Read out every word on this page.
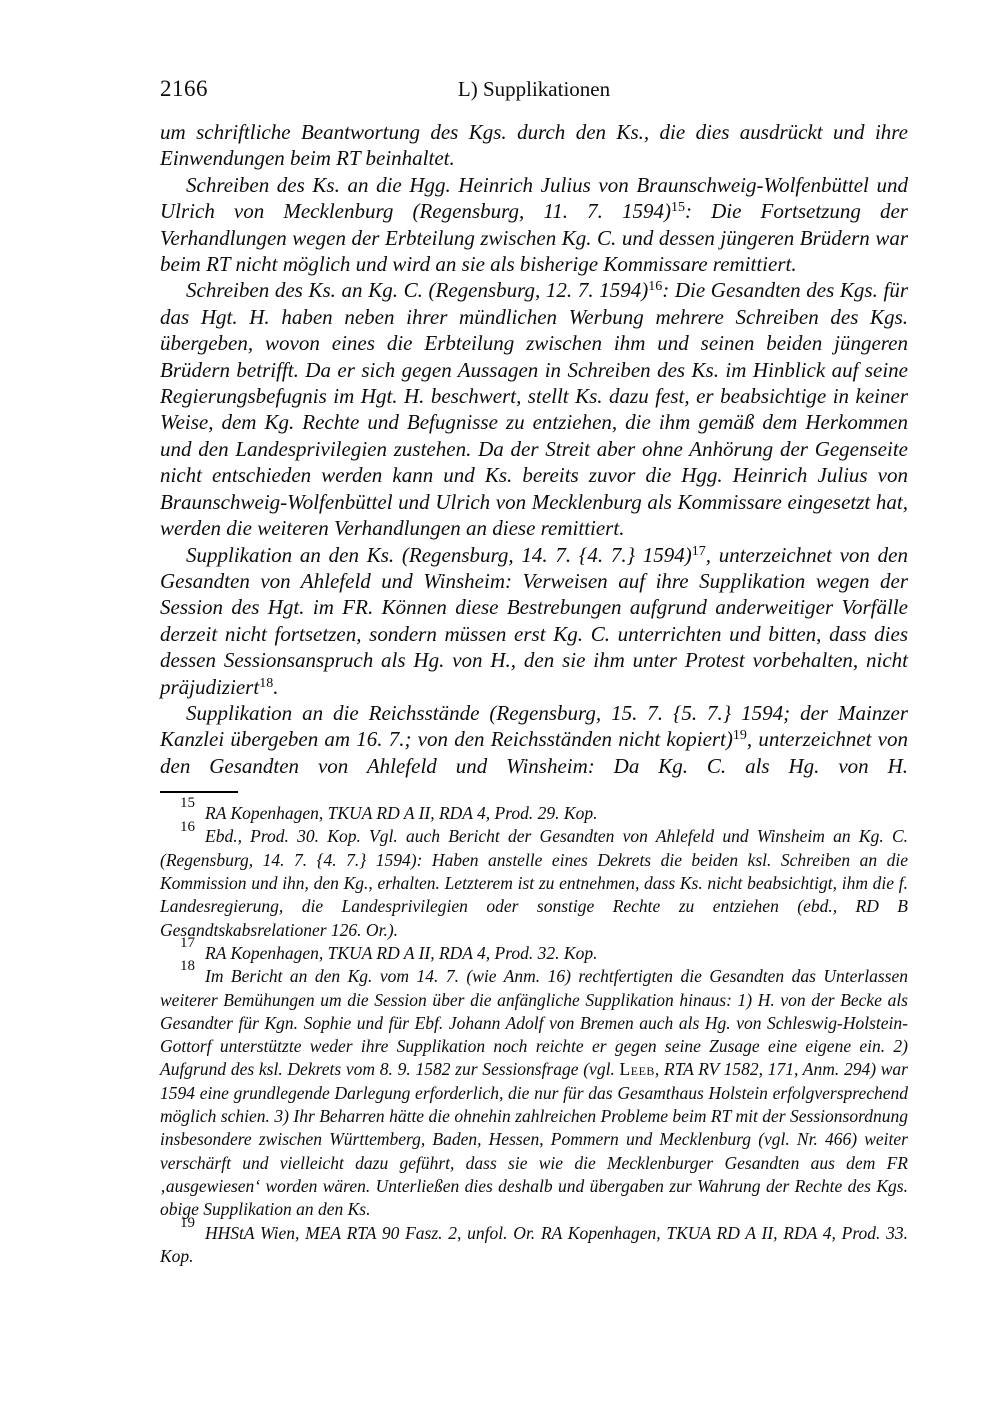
2166	L) Supplikationen

um schriftliche Beantwortung des Kgs. durch den Ks., die dies ausdrückt und ihre Einwendungen beim RT beinhaltet.

Schreiben des Ks. an die Hgg. Heinrich Julius von Braunschweig-Wolfenbüttel und Ulrich von Mecklenburg (Regensburg, 11. 7. 1594)$^{15}$: Die Fortsetzung der Verhandlungen wegen der Erbteilung zwischen Kg. C. und dessen jüngeren Brüdern war beim RT nicht möglich und wird an sie als bisherige Kommissare remittiert.

Schreiben des Ks. an Kg. C. (Regensburg, 12. 7. 1594)$^{16}$: Die Gesandten des Kgs. für das Hgt. H. haben neben ihrer mündlichen Werbung mehrere Schreiben des Kgs. übergeben, wovon eines die Erbteilung zwischen ihm und seinen beiden jüngeren Brüdern betrifft. Da er sich gegen Aussagen in Schreiben des Ks. im Hinblick auf seine Regierungsbefugnis im Hgt. H. beschwert, stellt Ks. dazu fest, er beabsichtige in keiner Weise, dem Kg. Rechte und Befugnisse zu entziehen, die ihm gemäß dem Herkommen und den Landesprivilegien zustehen. Da der Streit aber ohne Anhörung der Gegenseite nicht entschieden werden kann und Ks. bereits zuvor die Hgg. Heinrich Julius von Braunschweig-Wolfenbüttel und Ulrich von Mecklenburg als Kommissare eingesetzt hat, werden die weiteren Verhandlungen an diese remittiert.

Supplikation an den Ks. (Regensburg, 14. 7. {4. 7.} 1594)$^{17}$, unterzeichnet von den Gesandten von Ahlefeld und Winsheim: Verweisen auf ihre Supplikation wegen der Session des Hgt. im FR. Können diese Bestrebungen aufgrund anderweitiger Vorfälle derzeit nicht fortsetzen, sondern müssen erst Kg. C. unterrichten und bitten, dass dies dessen Sessionsanspruch als Hg. von H., den sie ihm unter Protest vorbehalten, nicht präjudiziert$^{18}$.

Supplikation an die Reichsstände (Regensburg, 15. 7. {5. 7.} 1594; der Mainzer Kanzlei übergeben am 16. 7.; von den Reichsständen nicht kopiert)$^{19}$, unterzeichnet von den Gesandten von Ahlefeld und Winsheim: Da Kg. C. als Hg. von H.

$^{15}$ RA Kopenhagen, TKUA RD A II, RDA 4, Prod. 29. Kop.

$^{16}$ Ebd., Prod. 30. Kop. Vgl. auch Bericht der Gesandten von Ahlefeld und Winsheim an Kg. C. (Regensburg, 14. 7. {4. 7.} 1594): Haben anstelle eines Dekrets die beiden ksl. Schreiben an die Kommission und ihn, den Kg., erhalten. Letzterem ist zu entnehmen, dass Ks. nicht beabsichtigt, ihm die f. Landesregierung, die Landesprivilegien oder sonstige Rechte zu entziehen (ebd., RD B Gesandtskabsrelationer 126. Or.).

$^{17}$ RA Kopenhagen, TKUA RD A II, RDA 4, Prod. 32. Kop.

$^{18}$ Im Bericht an den Kg. vom 14. 7. (wie Anm. 16) rechtfertigten die Gesandten das Unterlassen weiterer Bemühungen um die Session über die anfängliche Supplikation hinaus: 1) H. von der Becke als Gesandter für Kgn. Sophie und für Ebf. Johann Adolf von Bremen auch als Hg. von Schleswig-Holstein-Gottorf unterstützte weder ihre Supplikation noch reichte er gegen seine Zusage eine eigene ein. 2) Aufgrund des ksl. Dekrets vom 8. 9. 1582 zur Sessionsfrage (vgl. Leeb, RTA RV 1582, 171, Anm. 294) war 1594 eine grundlegende Darlegung erforderlich, die nur für das Gesamthaus Holstein erfolgversprechend möglich schien. 3) Ihr Beharren hätte die ohnehin zahlreichen Probleme beim RT mit der Sessionsordnung insbesondere zwischen Württemberg, Baden, Hessen, Pommern und Mecklenburg (vgl. Nr. 466) weiter verschärft und vielleicht dazu geführt, dass sie wie die Mecklenburger Gesandten aus dem FR ‚ausgewiesen‘ worden wären. Unterließen dies deshalb und übergaben zur Wahrung der Rechte des Kgs. obige Supplikation an den Ks.

$^{19}$ HHStA Wien, MEA RTA 90 Fasz. 2, unfol. Or. RA Kopenhagen, TKUA RD A II, RDA 4, Prod. 33. Kop.
